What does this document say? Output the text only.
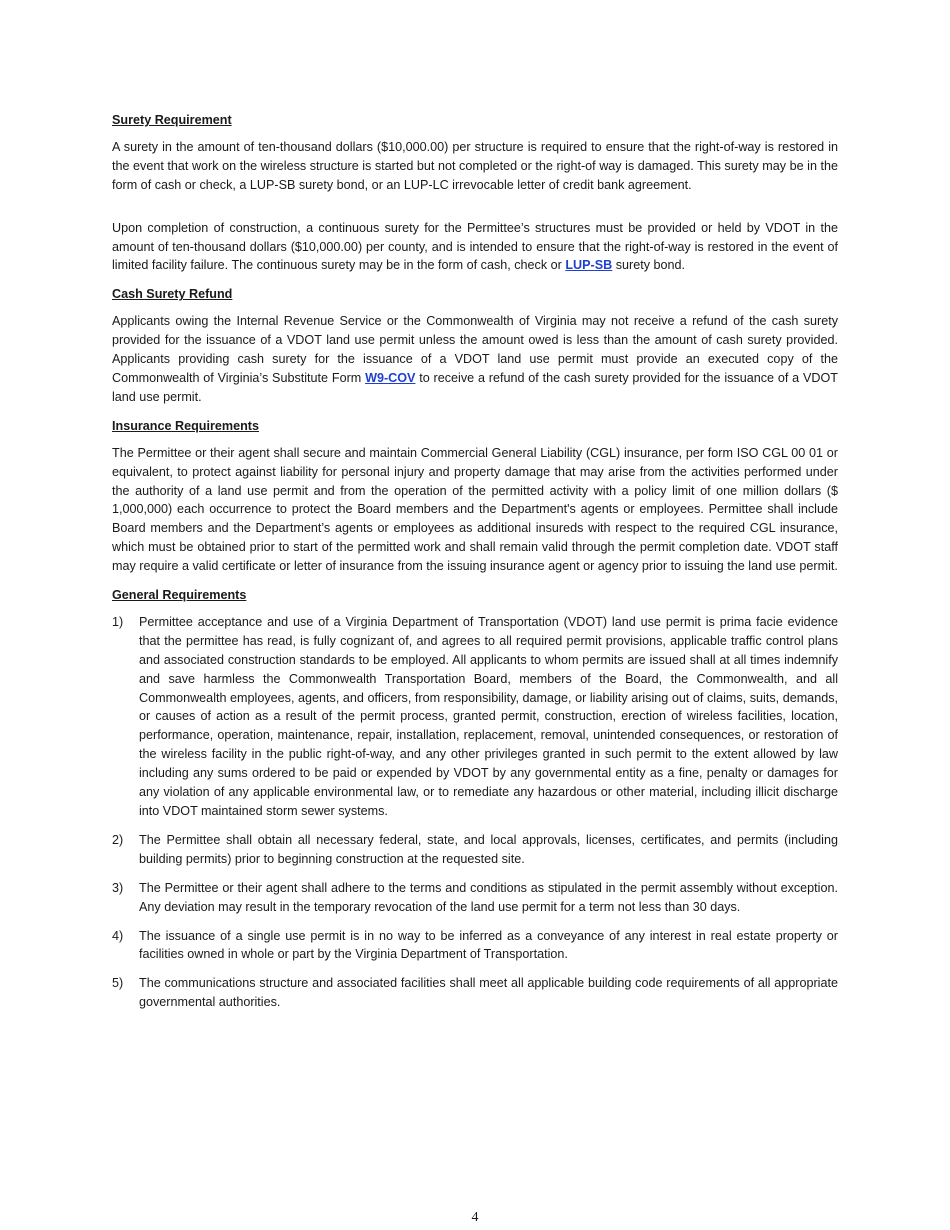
Surety Requirement

A surety in the amount of ten-thousand dollars ($10,000.00) per structure is required to ensure that the right-of-way is restored in the event that work on the wireless structure is started but not completed or the right-of way is damaged. This surety may be in the form of cash or check, a LUP-SB surety bond, or an LUP-LC irrevocable letter of credit bank agreement.

Upon completion of construction, a continuous surety for the Permittee’s structures must be provided or held by VDOT in the amount of ten-thousand dollars ($10,000.00) per county, and is intended to ensure that the right-of-way is restored in the event of limited facility failure. The continuous surety may be in the form of cash, check or LUP-SB surety bond.

Cash Surety Refund

Applicants owing the Internal Revenue Service or the Commonwealth of Virginia may not receive a refund of the cash surety provided for the issuance of a VDOT land use permit unless the amount owed is less than the amount of cash surety provided. Applicants providing cash surety for the issuance of a VDOT land use permit must provide an executed copy of the Commonwealth of Virginia’s Substitute Form W9-COV to receive a refund of the cash surety provided for the issuance of a VDOT land use permit.

Insurance Requirements

The Permittee or their agent shall secure and maintain Commercial General Liability (CGL) insurance, per form ISO CGL 00 01 or equivalent, to protect against liability for personal injury and property damage that may arise from the activities performed under the authority of a land use permit and from the operation of the permitted activity with a policy limit of one million dollars ($ 1,000,000) each occurrence to protect the Board members and the Department's agents or employees. Permittee shall include Board members and the Department’s agents or employees as additional insureds with respect to the required CGL insurance, which must be obtained prior to start of the permitted work and shall remain valid through the permit completion date. VDOT staff may require a valid certificate or letter of insurance from the issuing insurance agent or agency prior to issuing the land use permit.

General Requirements
1) Permittee acceptance and use of a Virginia Department of Transportation (VDOT) land use permit is prima facie evidence that the permittee has read, is fully cognizant of, and agrees to all required permit provisions, applicable traffic control plans and associated construction standards to be employed. All applicants to whom permits are issued shall at all times indemnify and save harmless the Commonwealth Transportation Board, members of the Board, the Commonwealth, and all Commonwealth employees, agents, and officers, from responsibility, damage, or liability arising out of claims, suits, demands, or causes of action as a result of the permit process, granted permit, construction, erection of wireless facilities, location, performance, operation, maintenance, repair, installation, replacement, removal, unintended consequences, or restoration of the wireless facility in the public right-of-way, and any other privileges granted in such permit to the extent allowed by law including any sums ordered to be paid or expended by VDOT by any governmental entity as a fine, penalty or damages for any violation of any applicable environmental law, or to remediate any hazardous or other material, including illicit discharge into VDOT maintained storm sewer systems.
2) The Permittee shall obtain all necessary federal, state, and local approvals, licenses, certificates, and permits (including building permits) prior to beginning construction at the requested site.
3) The Permittee or their agent shall adhere to the terms and conditions as stipulated in the permit assembly without exception. Any deviation may result in the temporary revocation of the land use permit for a term not less than 30 days.
4) The issuance of a single use permit is in no way to be inferred as a conveyance of any interest in real estate property or facilities owned in whole or part by the Virginia Department of Transportation.
5) The communications structure and associated facilities shall meet all applicable building code requirements of all appropriate governmental authorities.
4
